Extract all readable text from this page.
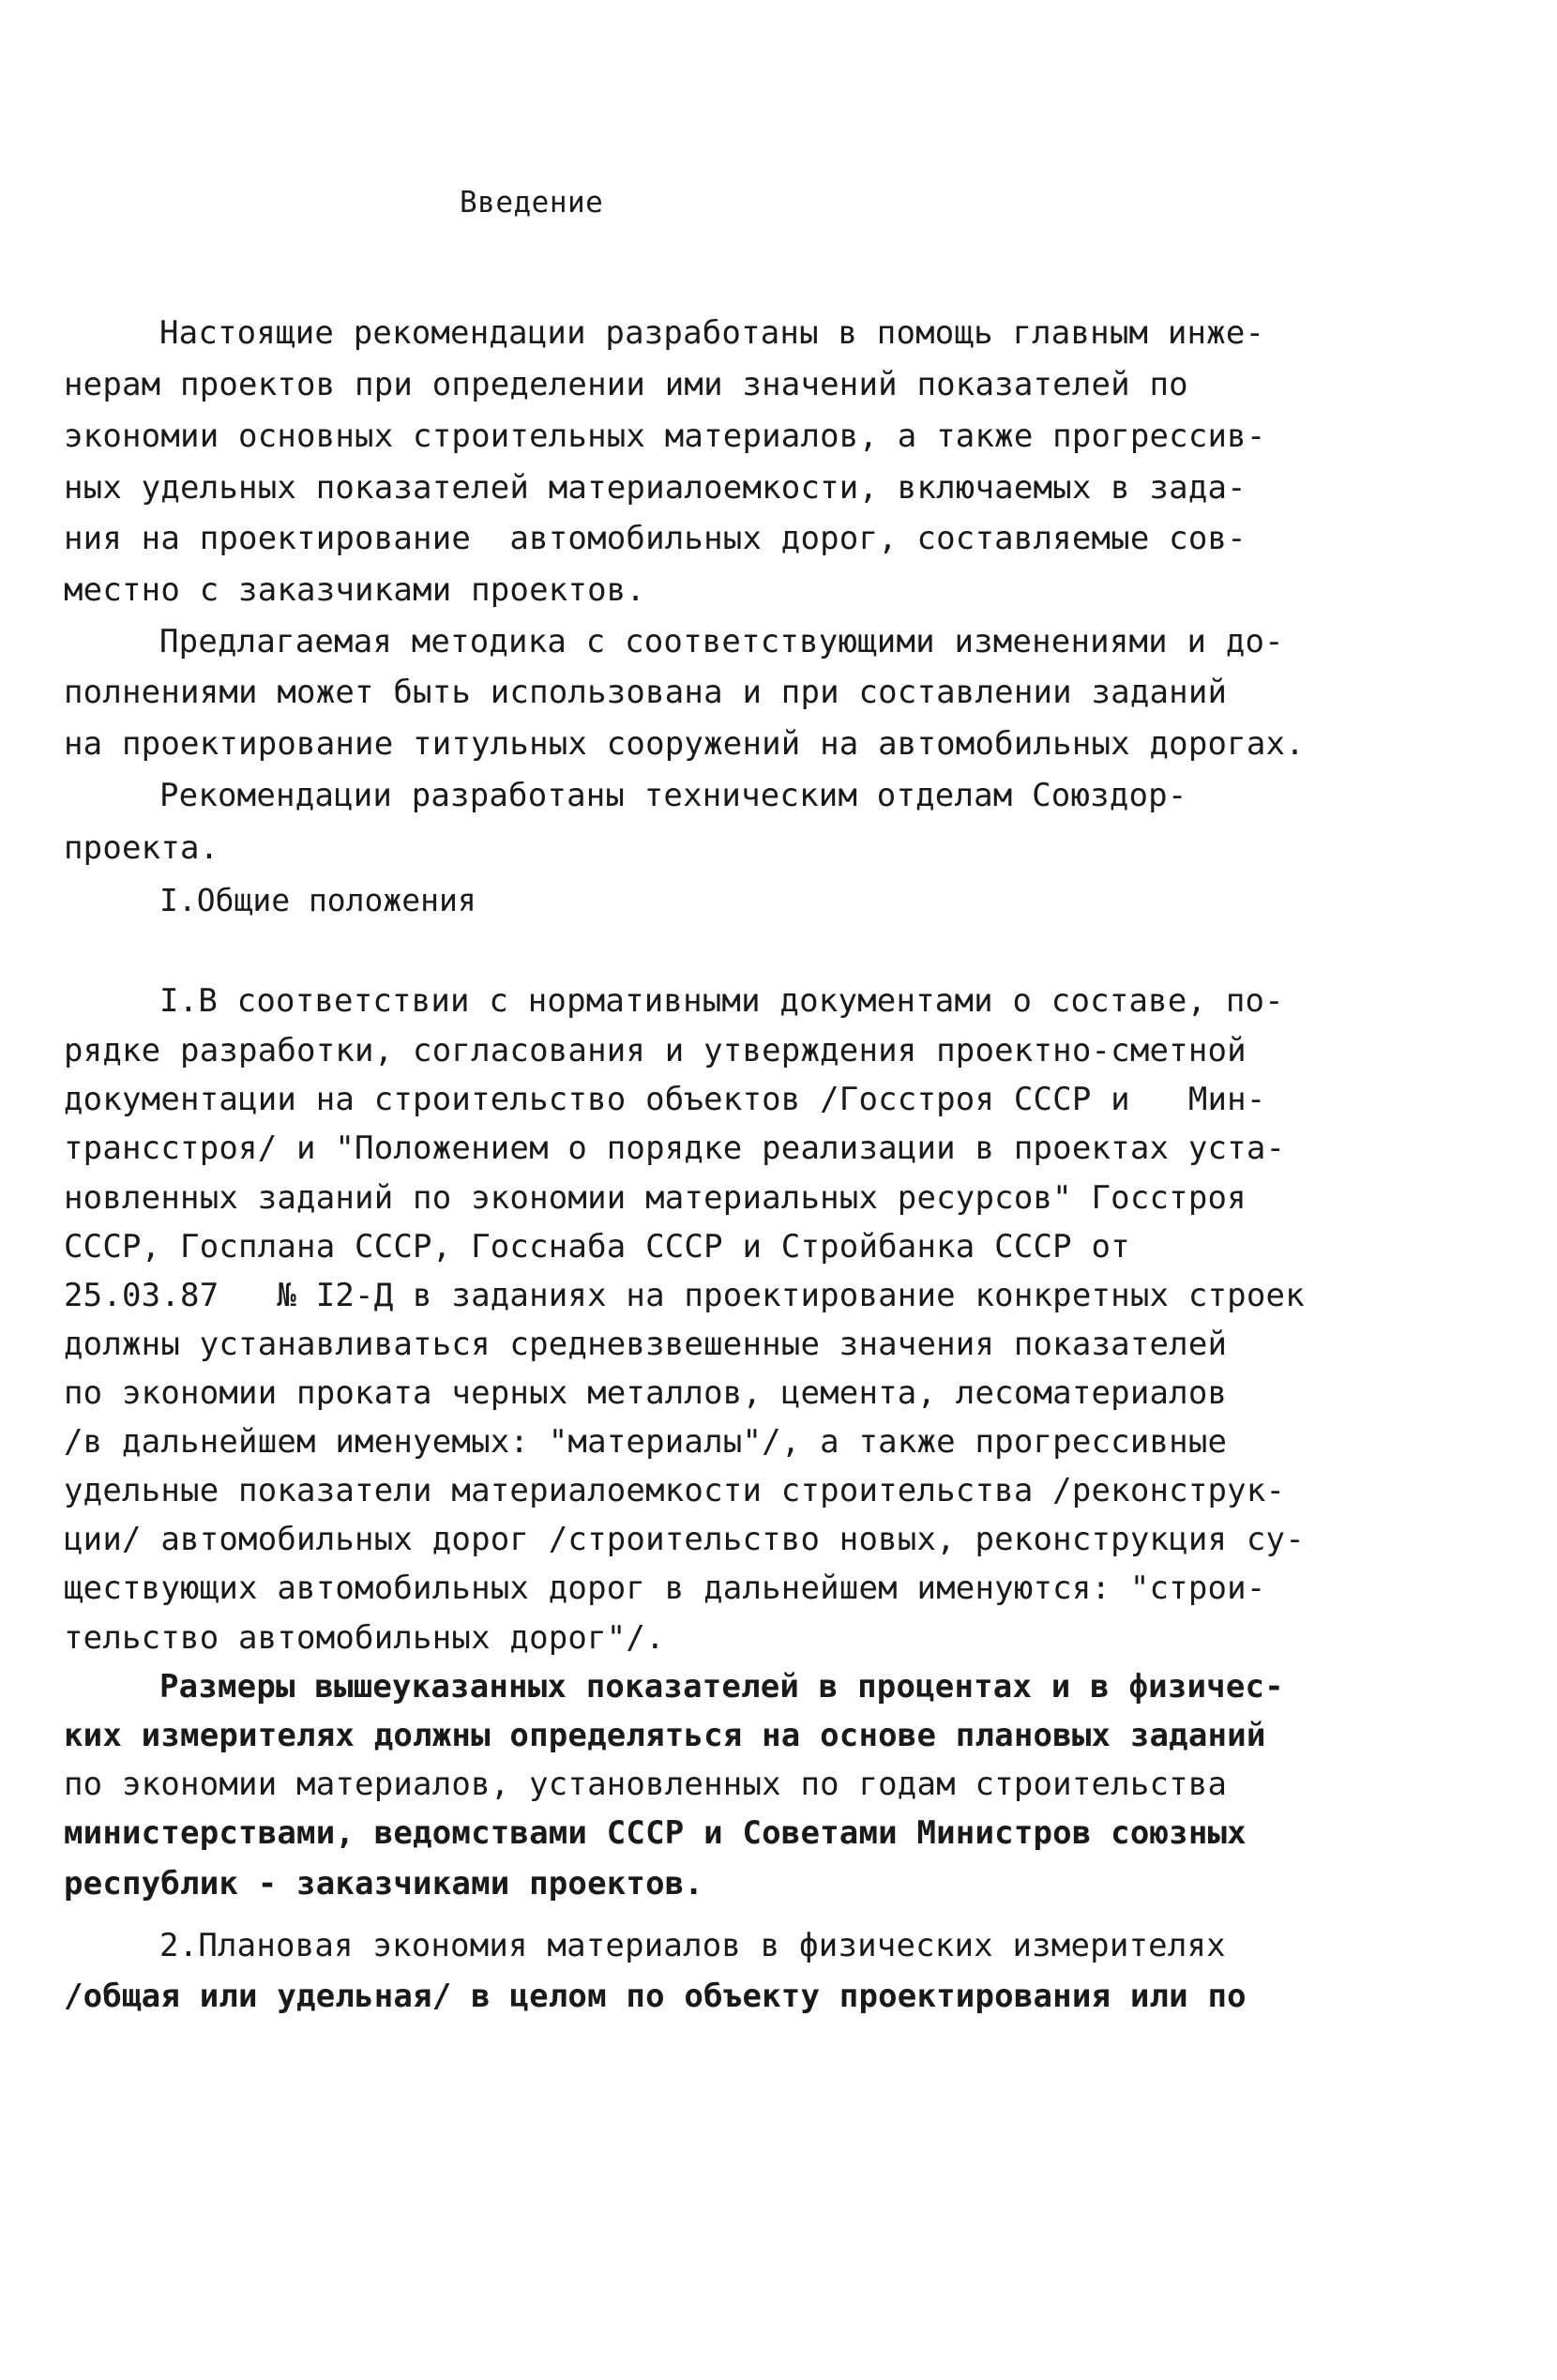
Введение
Настоящие рекомендации разработаны в помощь главным инже-
нерам проектов при определении ими значений показателей по
экономии основных строительных материалов, а также прогрессив-
ных удельных показателей материалоемкости, включаемых в зада-
ния на проектирование  автомобильных дорог, составляемые сов-
местно с заказчиками проектов.
Предлагаемая методика с соответствующими изменениями и до-
полнениями может быть использована и при составлении заданий
на проектирование титульных сооружений на автомобильных дорогах.
Рекомендации разработаны техническим отделам Союздор-
проекта.
I.Общие положения
I.В соответствии с нормативными документами о составе, по-
рядке разработки, согласования и утверждения проектно-сметной
документации на строительство объектов /Госстроя СССР и   Мин-
трансстроя/ и "Положением о порядке реализации в проектах уста-
новленных заданий по экономии материальных ресурсов" Госстроя
СССР, Госплана СССР, Госснаба СССР и Стройбанка СССР от
25.03.87   № I2-Д в заданиях на проектирование конкретных строек
должны устанавливаться средневзвешенные значения показателей
по экономии проката черных металлов, цемента, лесоматериалов
/в дальнейшем именуемых: "материалы"/, а также прогрессивные
удельные показатели материалоемкости строительства /реконструк-
ции/ автомобильных дорог /строительство новых, реконструкция су-
ществующих автомобильных дорог в дальнейшем именуются: "строи-
тельство автомобильных дорог"/.
Размеры вышеуказанных показателей в процентах и в физичес-
ких измерителях должны определяться на основе плановых заданий
по экономии материалов, установленных по годам строительства
министерствами, ведомствами СССР и Советами Министров союзных
республик - заказчиками проектов.
2.Плановая экономия материалов в физических измерителях
/общая или удельная/ в целом по объекту проектирования или по
